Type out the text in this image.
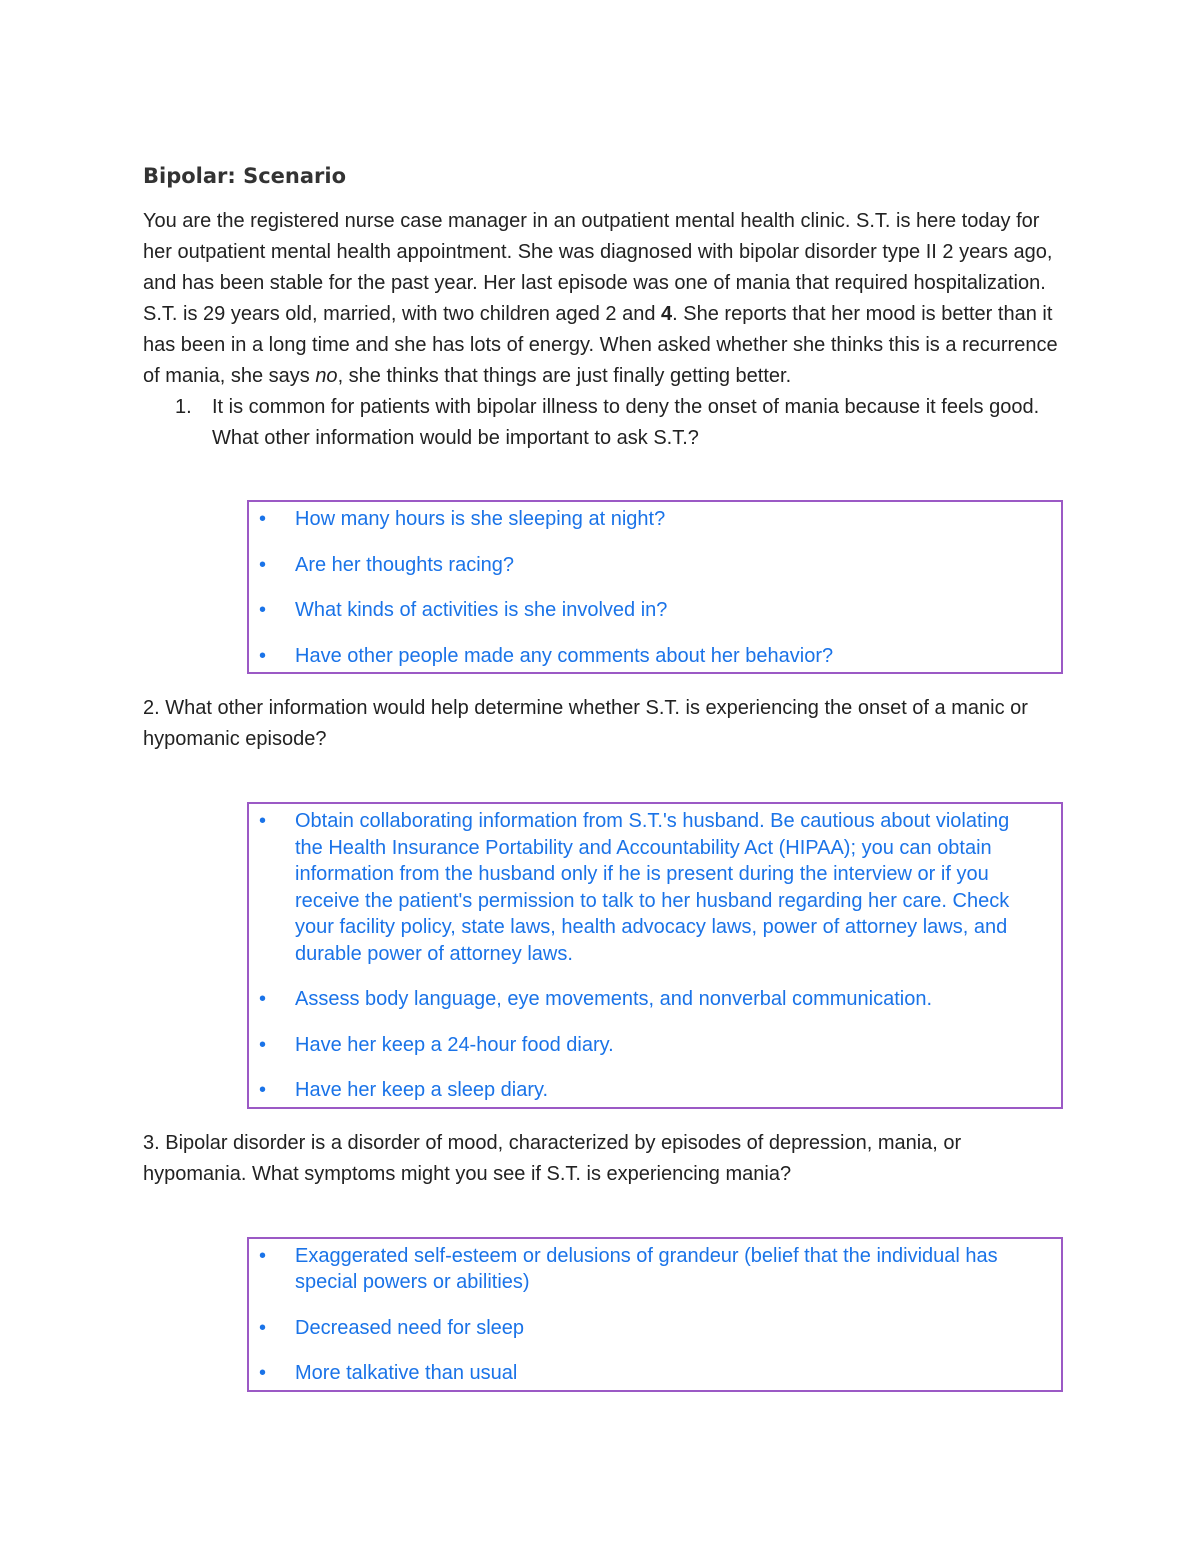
Bipolar: Scenario

You are the registered nurse case manager in an outpatient mental health clinic. S.T. is here today for her outpatient mental health appointment. She was diagnosed with bipolar disorder type II 2 years ago, and has been stable for the past year. Her last episode was one of mania that required hospitalization. S.T. is 29 years old, married, with two children aged 2 and 4. She reports that her mood is better than it has been in a long time and she has lots of energy. When asked whether she thinks this is a recurrence of mania, she says no, she thinks that things are just finally getting better.

1. It is common for patients with bipolar illness to deny the onset of mania because it feels good. What other information would be important to ask S.T.?
• How many hours is she sleeping at night?
• Are her thoughts racing?
• What kinds of activities is she involved in?
• Have other people made any comments about her behavior?

2. What other information would help determine whether S.T. is experiencing the onset of a manic or hypomanic episode?

• Obtain collaborating information from S.T.'s husband. Be cautious about violating the Health Insurance Portability and Accountability Act (HIPAA); you can obtain information from the husband only if he is present during the interview or if you receive the patient's permission to talk to her husband regarding her care. Check your facility policy, state laws, health advocacy laws, power of attorney laws, and durable power of attorney laws.
• Assess body language, eye movements, and nonverbal communication.
• Have her keep a 24-hour food diary.
• Have her keep a sleep diary.

3. Bipolar disorder is a disorder of mood, characterized by episodes of depression, mania, or hypomania. What symptoms might you see if S.T. is experiencing mania?

• Exaggerated self-esteem or delusions of grandeur (belief that the individual has special powers or abilities)
• Decreased need for sleep
• More talkative than usual
